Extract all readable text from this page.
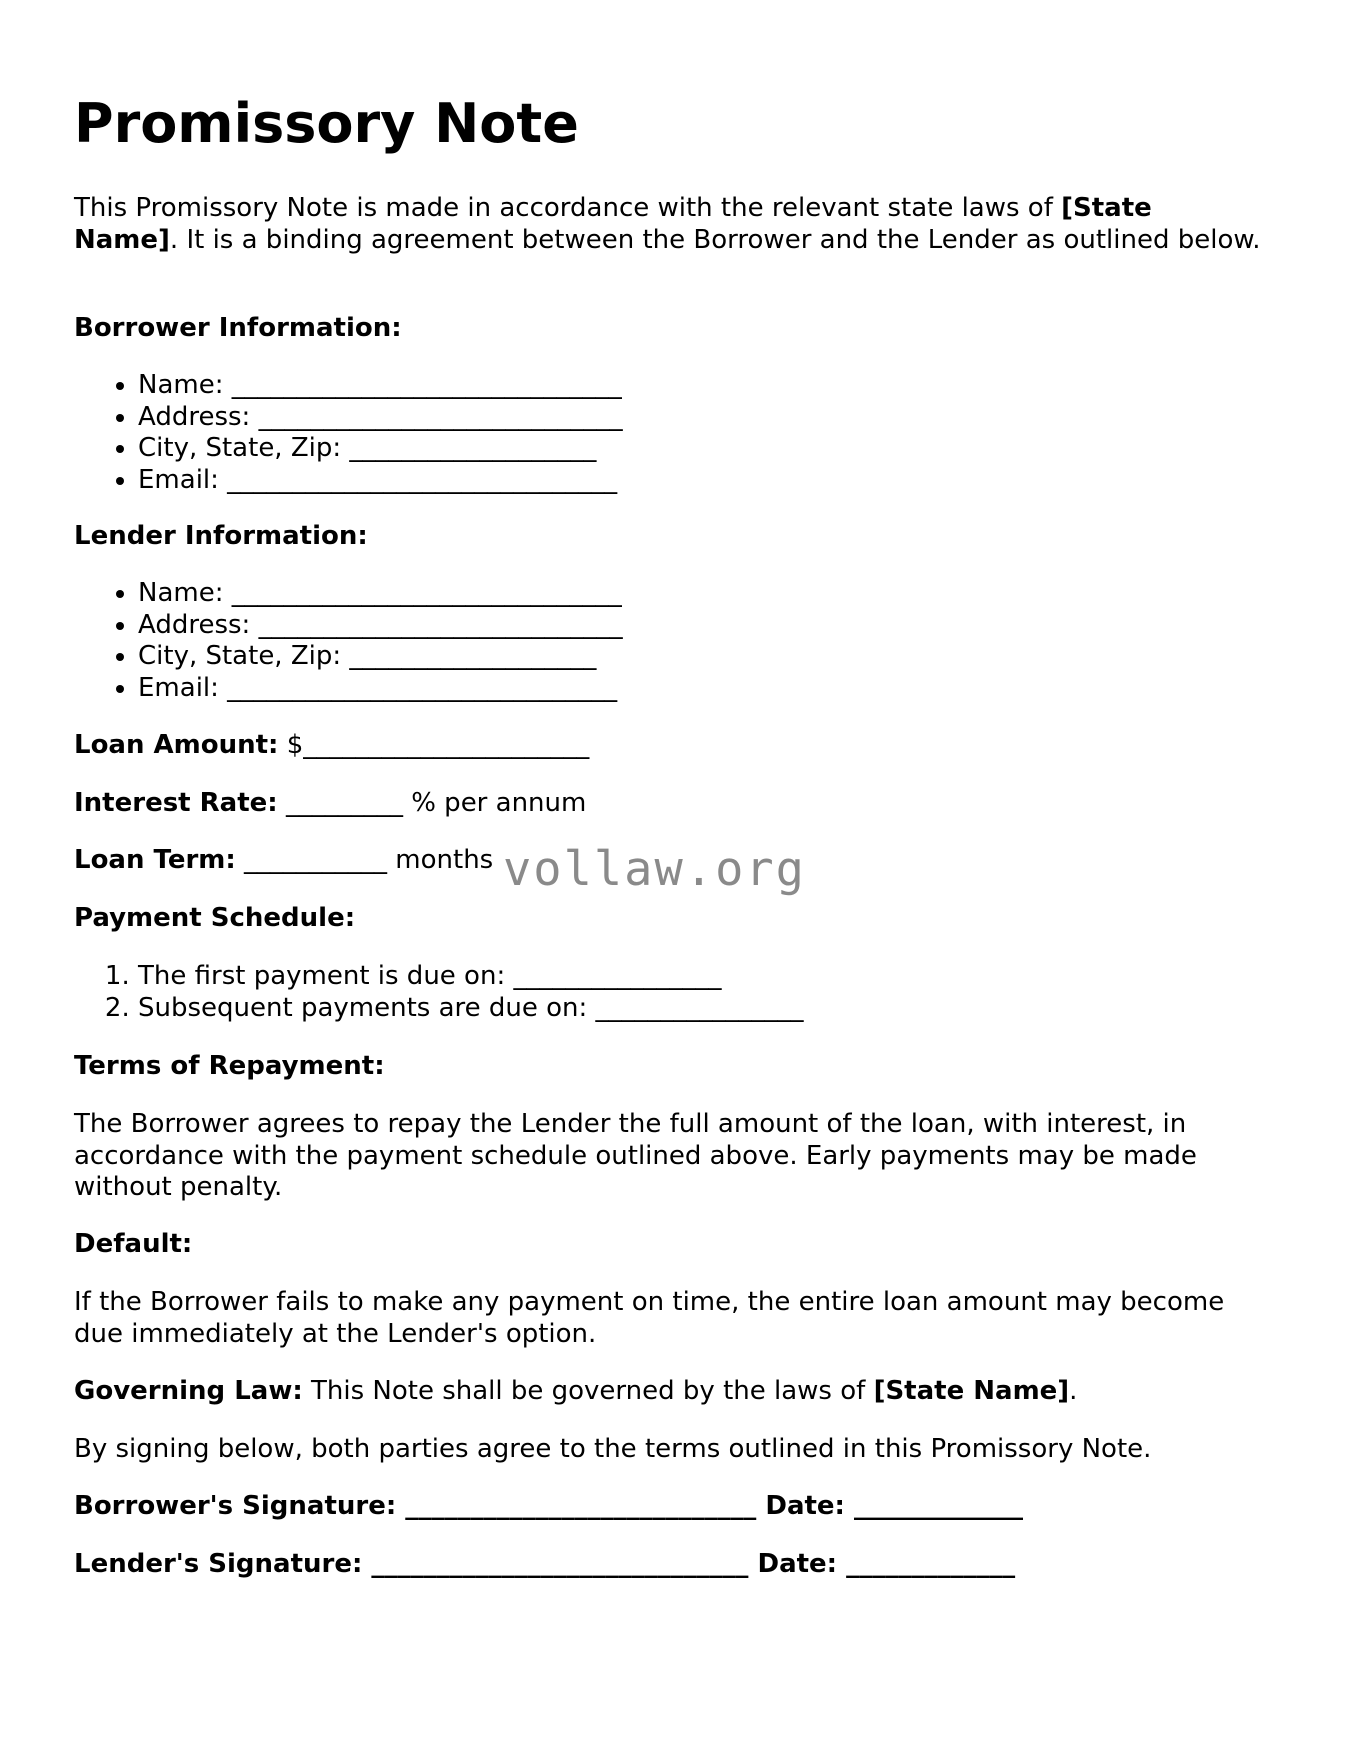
Promissory Note

This Promissory Note is made in accordance with the relevant state laws of [State Name]. It is a binding agreement between the Borrower and the Lender as outlined below.

Borrower Information:

• Name: ______________________________
• Address: ____________________________
• City, State, Zip: ___________________
• Email: ______________________________

Lender Information:

• Name: ______________________________
• Address: ____________________________
• City, State, Zip: ___________________
• Email: ______________________________

Loan Amount: $______________________

Interest Rate: _________ % per annum

Loan Term: ___________ months

Payment Schedule:

1. The first payment is due on: ________________
2. Subsequent payments are due on: ________________

Terms of Repayment:

The Borrower agrees to repay the Lender the full amount of the loan, with interest, in accordance with the payment schedule outlined above. Early payments may be made without penalty.

Default:

If the Borrower fails to make any payment on time, the entire loan amount may become due immediately at the Lender's option.

Governing Law: This Note shall be governed by the laws of [State Name].

By signing below, both parties agree to the terms outlined in this Promissory Note.

Borrower's Signature: ___________________________ Date: _____________

Lender's Signature: _____________________________ Date: _____________

vollaw.org
